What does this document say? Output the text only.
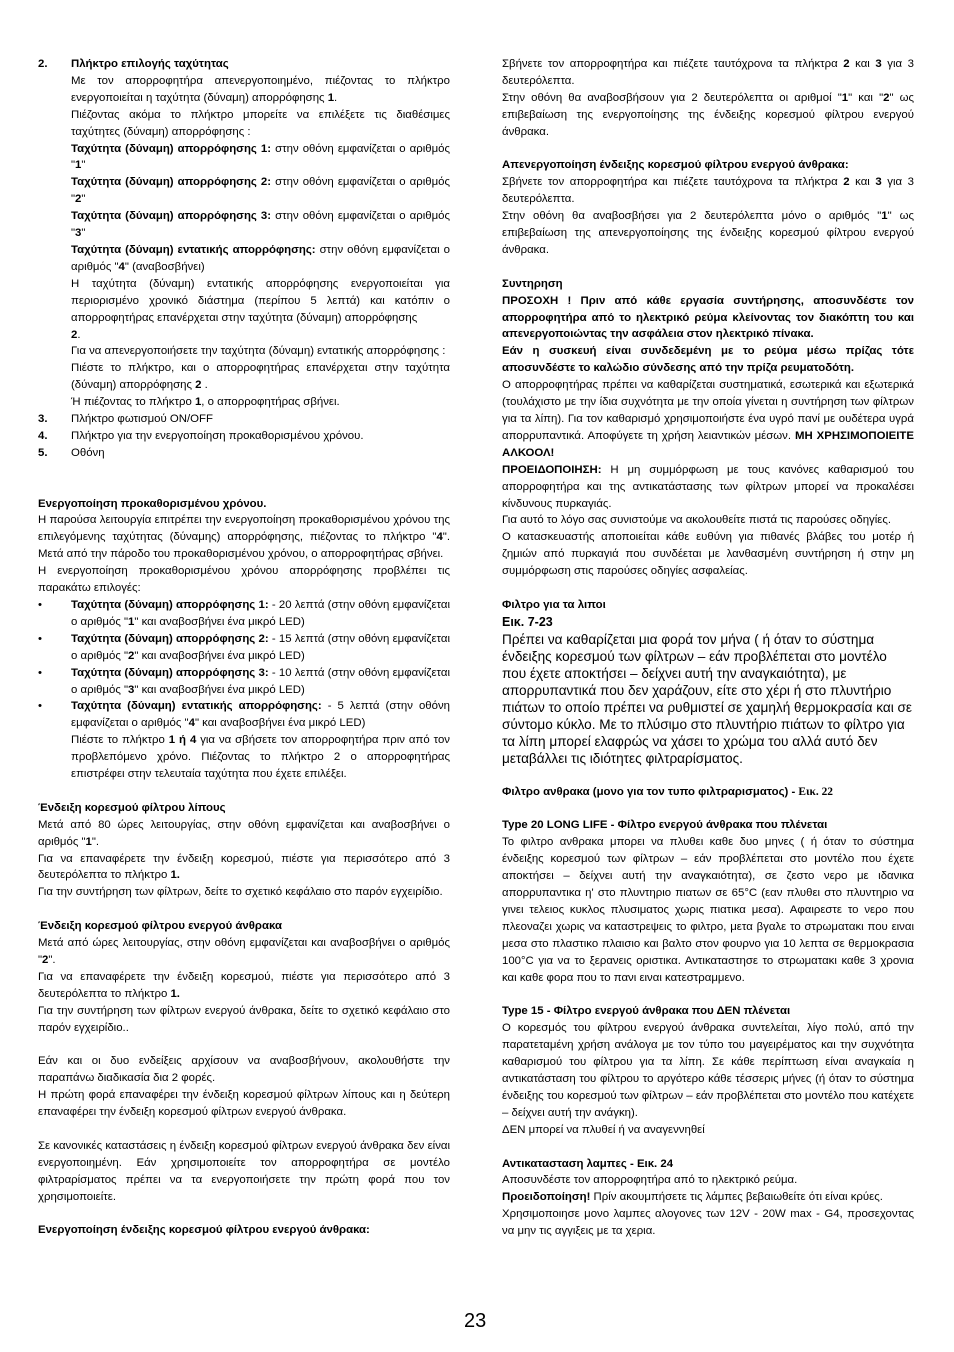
2. Πλήκτρο επιλογής ταχύτητας

Με τον απορροφητήρα απενεργοποιημένο, πιέζοντας το πλήκτρο ενεργοποιείται η ταχύτητα (δύναμη) απορρόφησης 1.

Πιέζοντας ακόμα το πλήκτρο μπορείτε να επιλέξετε τις διαθέσιμες ταχύτητες (δύναμη) απορρόφησης :

Ταχύτητα (δύναμη) απορρόφησης 1: στην οθόνη εμφανίζεται ο αριθμός "1"

Ταχύτητα (δύναμη) απορρόφησης 2: στην οθόνη εμφανίζεται ο αριθμός "2"

Ταχύτητα (δύναμη) απορρόφησης 3: στην οθόνη εμφανίζεται ο αριθμός "3"

Ταχύτητα (δύναμη) εντατικής απορρόφησης: στην οθόνη εμφανίζεται ο αριθμός "4" (αναβοσβήνει)

Η ταχύτητα (δύναμη) εντατικής απορρόφησης ενεργοποιείται για περιορισμένο χρονικό διάστημα (περίπου 5 λεπτά) και κατόπιν ο απορροφητήρας επανέρχεται στην ταχύτητα (δύναμη) απορρόφησης
2.

Για να απενεργοποιήσετε την ταχύτητα (δύναμη) εντατικής απορρόφησης :

Πιέστε το πλήκτρο, και ο απορροφητήρας επανέρχεται στην ταχύτητα (δύναμη) απορρόφησης 2 .

Ή πιέζοντας το πλήκτρο 1, ο απορροφητήρας σβήνει.

3. Πλήκτρο φωτισμού ON/OFF

4. Πλήκτρο για την ενεργοποίηση προκαθορισμένου χρόνου.

5. Οθόνη

Ενεργοποίηση προκαθορισμένου χρόνου.

Η παρούσα λειτουργία επιτρέπει την ενεργοποίηση προκαθορισμένου χρόνου της επιλεγόμενης ταχύτητας (δύναμης) απορρόφησης, πιέζοντας το πλήκτρο "4". Μετά από την πάροδο του προκαθορισμένου χρόνου, ο απορροφητήρας σβήνει.

Η ενεργοποίηση προκαθορισμένου χρόνου απορρόφησης προβλέπει τις παρακάτω επιλογές:

•	Ταχύτητα (δύναμη) απορρόφησης 1: - 20 λεπτά (στην οθόνη εμφανίζεται ο αριθμός "1" και αναβοσβήνει ένα μικρό LED)

•	Ταχύτητα (δύναμη) απορρόφησης 2: - 15 λεπτά (στην οθόνη εμφανίζεται ο αριθμός "2" και αναβοσβήνει ένα μικρό LED)

•	Ταχύτητα (δύναμη) απορρόφησης 3: - 10 λεπτά (στην οθόνη εμφανίζεται ο αριθμός "3" και αναβοσβήνει ένα μικρό LED)

•	Ταχύτητα (δύναμη) εντατικής απορρόφησης: - 5 λεπτά (στην οθόνη εμφανίζεται ο αριθμός "4" και αναβοσβήνει ένα μικρό LED)

Πιέστε το πλήκτρο 1 ή 4 για να σβήσετε τον απορροφητήρα πριν από τον προβλεπόμενο χρόνο. Πιέζοντας το πλήκτρο 2 ο απορροφητήρας επιστρέφει στην τελευταία ταχύτητα που έχετε επιλέξει.

Ένδειξη κορεσμού φίλτρου λίπους

Μετά από 80 ώρες λειτουργίας, στην οθόνη εμφανίζεται και αναβοσβήνει ο αριθμός "1".

Για να επαναφέρετε την ένδειξη κορεσμού, πιέστε για περισσότερο από 3 δευτερόλεπτα το πλήκτρο 1.

Για την συντήρηση των φίλτρων, δείτε το σχετικό κεφάλαιο στο παρόν εγχειρίδιο.

Ένδειξη κορεσμού φίλτρου ενεργού άνθρακα

Μετά από ώρες λειτουργίας, στην οθόνη εμφανίζεται και αναβοσβήνει ο αριθμός "2".

Για να επαναφέρετε την ένδειξη κορεσμού, πιέστε για περισσότερο από 3 δευτερόλεπτα το πλήκτρο 1.

Για την συντήρηση των φίλτρων ενεργού άνθρακα, δείτε το σχετικό κεφάλαιο στο παρόν εγχειρίδιο..

Εάν και οι δυο ενδείξεις αρχίσουν να αναβοσβήνουν, ακολουθήστε την παραπάνω διαδικασία δια 2 φορές.

Η πρώτη φορά επαναφέρει την ένδειξη κορεσμού φίλτρων λίπους και η δεύτερη επαναφέρει την ένδειξη κορεσμού φίλτρων ενεργού άνθρακα.

Σε κανονικές καταστάσεις η ένδειξη κορεσμού φίλτρων ενεργού άνθρακα δεν είναι ενεργοποιημένη. Εάν χρησιμοποιείτε τον απορροφητήρα σε μοντέλο φιλτραρίσματος πρέπει να τα ενεργοποιήσετε την πρώτη φορά που τον χρησιμοποιείτε.

Ενεργοποίηση ένδειξης κορεσμού φίλτρου ενεργού άνθρακα:

Σβήνετε τον απορροφητήρα και πιέζετε ταυτόχρονα τα πλήκτρα 2 και 3 για 3 δευτερόλεπτα.

Στην οθόνη θα αναβοσβήσουν για 2 δευτερόλεπτα οι αριθμοί "1" και "2" ως επιβεβαίωση της ενεργοποίησης της ένδειξης κορεσμού φίλτρου ενεργού άνθρακα.

Απενεργοποίηση ένδειξης κορεσμού φίλτρου ενεργού άνθρακα:

Σβήνετε τον απορροφητήρα και πιέζετε ταυτόχρονα τα πλήκτρα 2 και 3 για 3 δευτερόλεπτα.

Στην οθόνη θα αναβοσβήσει για 2 δευτερόλεπτα μόνο ο αριθμός "1" ως επιβεβαίωση της απενεργοποίησης της ένδειξης κορεσμού φίλτρου ενεργού άνθρακα.

Συντηρηση

ΠΡΟΣΟΧΗ ! Πριν από κάθε εργασία συντήρησης, αποσυνδέστε τον απορροφητήρα από το ηλεκτρικό ρεύμα κλείνοντας τον διακόπτη του και απενεργοποιώντας την ασφάλεια στον ηλεκτρικό πίνακα.

Εάν η συσκευή είναι συνδεδεμένη με το ρεύμα μέσω πρίζας τότε αποσυνδέστε το καλώδιο σύνδεσης από την πρίζα ρευματοδότη.

Ο απορροφητήρας πρέπει να καθαρίζεται συστηματικά, εσωτερικά και εξωτερικά (τουλάχιστο με την ίδια συχνότητα με την οποία γίνεται η συντήρηση των φίλτρων για τα λίπη). Για τον καθαρισμό χρησιμοποιήστε ένα υγρό πανί με ουδέτερα υγρά απορρυπαντικά. Αποφύγετε τη χρήση λειαντικών μέσων. ΜΗ ΧΡΗΣΙΜΟΠΟΙΕΙΤΕ ΑΛΚΟΟΛ!

ΠΡΟΕΙΔΟΠΟΙΗΣΗ: Η μη συμμόρφωση με τους κανόνες καθαρισμού του απορροφητήρα και της αντικατάστασης των φίλτρων μπορεί να προκαλέσει κίνδυνους πυρκαγιάς.

Για αυτό το λόγο σας συνιστούμε να ακολουθείτε πιστά τις παρούσες οδηγίες.

Ο κατασκευαστής αποποιείται κάθε ευθύνη για πιθανές βλάβες του μοτέρ ή ζημιών από πυρκαγιά που συνδέεται με λανθασμένη συντήρηση ή στην μη συμμόρφωση στις παρούσες οδηγίες ασφαλείας.

Φιλτρο για τα λιποι

Εικ. 7-23

Πρέπει να καθαρίζεται μια φορά τον μήνα ( ή όταν το σύστημα ένδειξης κορεσμού των φίλτρων – εάν προβλέπεται στο μοντέλο που έχετε αποκτήσει – δείχνει αυτή την αναγκαιότητα), με απορρυπαντικά που δεν χαράζουν, είτε στο χέρι ή στο πλυντήριο πιάτων το οποίο πρέπει να ρυθμιστεί σε χαμηλή θερμοκρασία και σε σύντομο κύκλο. Με το πλύσιμο στο πλυντήριο πιάτων το φίλτρο για τα λίπη μπορεί ελαφρώς να χάσει το χρώμα του αλλά αυτό δεν μεταβάλλει τις ιδιότητες φιλτραρίσματος.

Φιλτρο ανθρακα (μονο για τον τυπο φιλτραρισματος) - Εικ. 22

Type 20 LONG LIFE - Φίλτρο ενεργού άνθρακα που πλένεται

Το φιλτρο ανθρακα μπορει να πλυθει καθε δυο μηνες ( ή όταν το σύστημα ένδειξης κορεσμού των φίλτρων – εάν προβλέπεται στο μοντέλο που έχετε αποκτήσει – δείχνει αυτή την αναγκαιότητα), σε ζεστο νερο με ιδανικα απορρυπαντικα η' στο πλυντηριο πιατων σε 65°C (εαν πλυθει στο πλυντηριο να γινει τελειος κυκλος πλυσιματος χωρις πιατικα μεσα). Αφαιρεστε το νερο που πλεοναζει χωρις να καταστρεψεις το φιλτρο, μετα βγαλε το στρωματακι που ειναι μεσα στο πλαστικο πλαισιο και βαλτο στον φουρνο για 10 λεπτα σε θερμοκρασια 100°C για να το ξερανεις οριστικα. Αντικαταστησε το στρωματακι καθε 3 χρονια και καθε φορα που το πανι ειναι κατεστραμμενο.

Type 15 - Φίλτρο ενεργού άνθρακα που ΔΕΝ πλένεται

Ο κορεσμός του φίλτρου ενεργού άνθρακα συντελείται, λίγο πολύ, από την παρατεταμένη χρήση ανάλογα με τον τύπο του μαγειρέματος και την συχνότητα καθαρισμού του φίλτρου για τα λίπη. Σε κάθε περίπτωση είναι αναγκαία η αντικατάσταση του φίλτρου το αργότερο κάθε τέσσερις μήνες (ή όταν το σύστημα ένδειξης του κορεσμού των φίλτρων – εάν προβλέπεται στο μοντέλο που κατέχετε – δείχνει αυτή την ανάγκη).

ΔΕΝ μπορεί να πλυθεί ή να αναγεννηθεί

Αντικατασταση λαμπες - Εικ. 24

Αποσυνδέστε τον απορροφητήρα από το ηλεκτρικό ρεύμα.

Προειδοποίηση! Πρίν ακουμπήσετε τις λάμπες βεβαιωθείτε ότι είναι κρύες.

Χρησιμοποιησε μονο λαμπες αλογονες των 12V - 20W max - G4, προσεχοντας να μην τις αγγιξεις με τα χερια.

23
